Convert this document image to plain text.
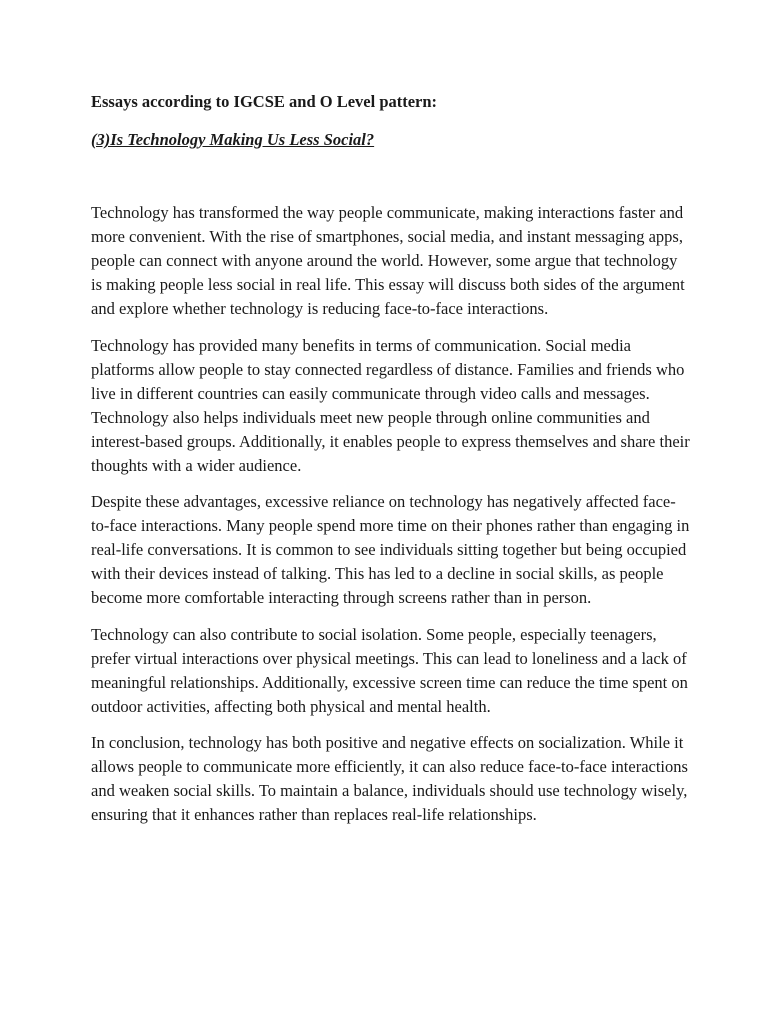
Essays according to IGCSE and O Level pattern:

(3)Is Technology Making Us Less Social?

Technology has transformed the way people communicate, making interactions faster and more convenient. With the rise of smartphones, social media, and instant messaging apps, people can connect with anyone around the world. However, some argue that technology is making people less social in real life. This essay will discuss both sides of the argument and explore whether technology is reducing face-to-face interactions.

Technology has provided many benefits in terms of communication. Social media platforms allow people to stay connected regardless of distance. Families and friends who live in different countries can easily communicate through video calls and messages. Technology also helps individuals meet new people through online communities and interest-based groups. Additionally, it enables people to express themselves and share their thoughts with a wider audience.

Despite these advantages, excessive reliance on technology has negatively affected face-to-face interactions. Many people spend more time on their phones rather than engaging in real-life conversations. It is common to see individuals sitting together but being occupied with their devices instead of talking. This has led to a decline in social skills, as people become more comfortable interacting through screens rather than in person.

Technology can also contribute to social isolation. Some people, especially teenagers, prefer virtual interactions over physical meetings. This can lead to loneliness and a lack of meaningful relationships. Additionally, excessive screen time can reduce the time spent on outdoor activities, affecting both physical and mental health.

In conclusion, technology has both positive and negative effects on socialization. While it allows people to communicate more efficiently, it can also reduce face-to-face interactions and weaken social skills. To maintain a balance, individuals should use technology wisely, ensuring that it enhances rather than replaces real-life relationships.
